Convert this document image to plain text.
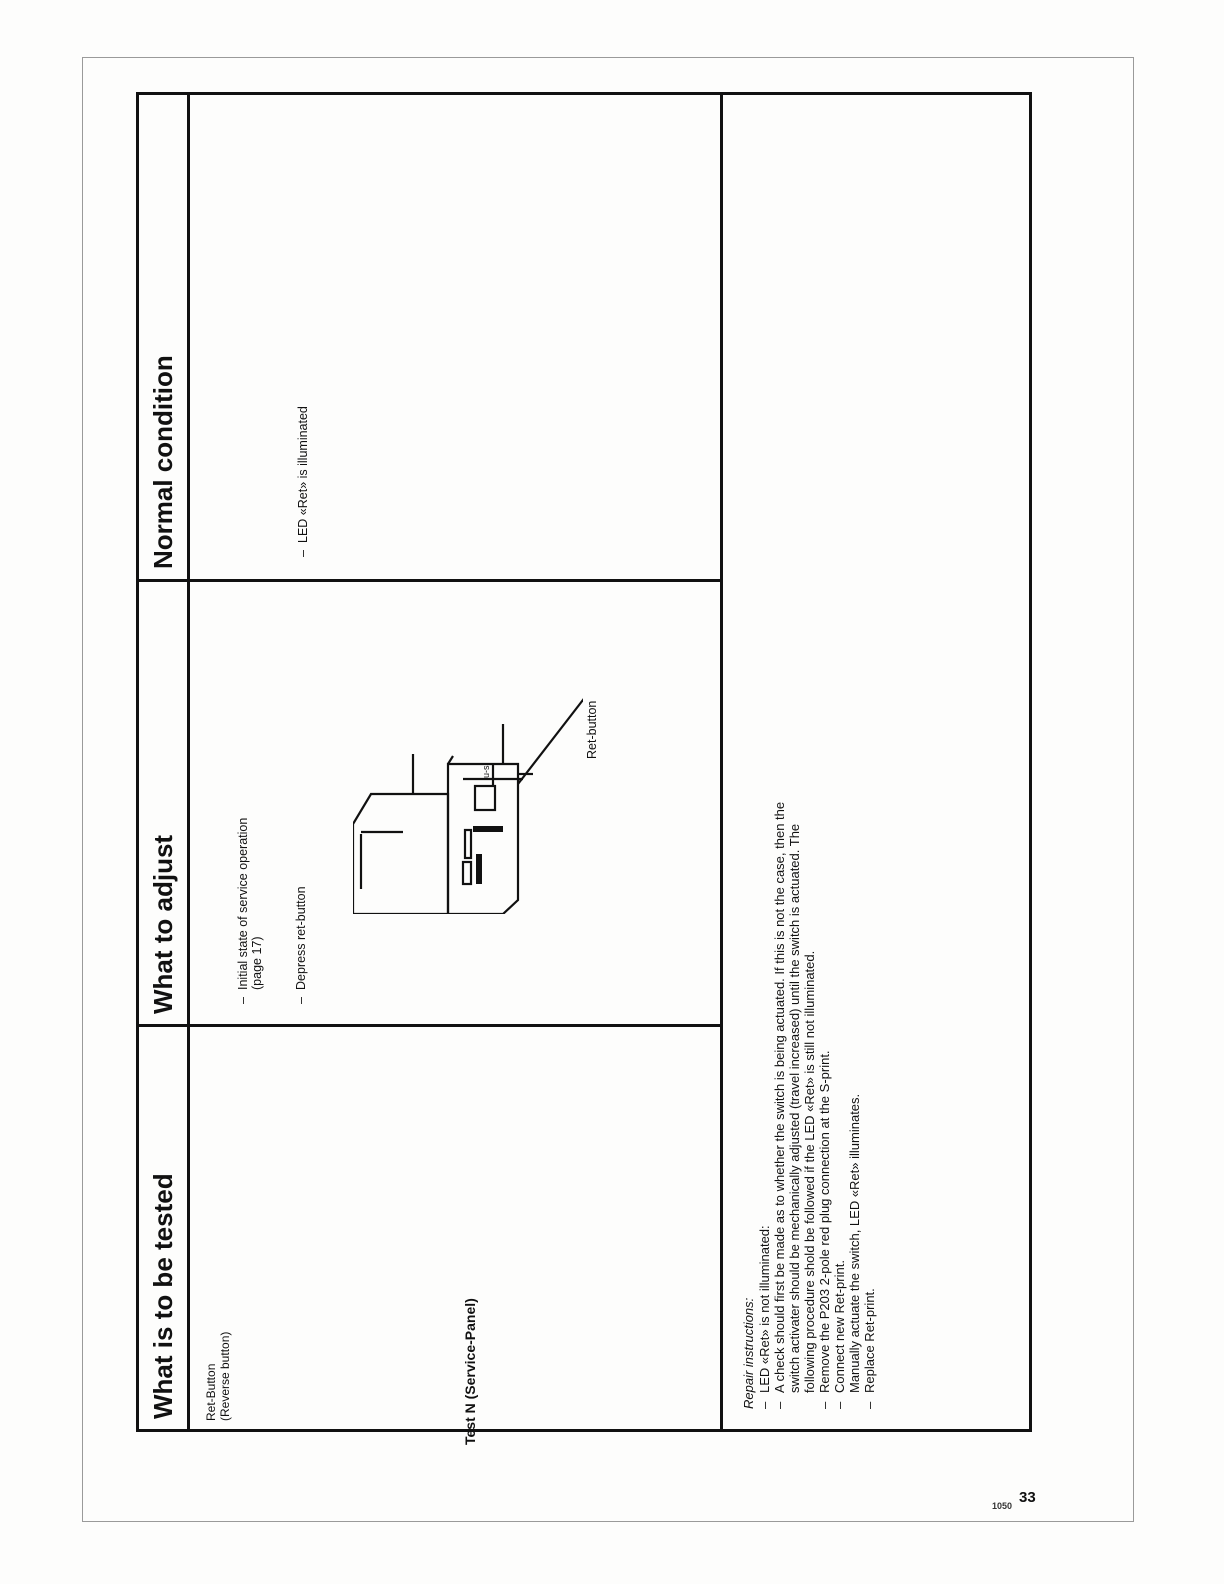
What is to be tested
What to adjust
Normal condition
Ret-Button (Reverse button)
–Initial state of service operation
(page 17)
–Depress ret-button
u-s
Ret-button
–LED «Ret» is illuminated
Repair instructions: –LED «Ret» is not illuminated:
–A check should first be made as to whether the switch is being actuated. If this is not the case, then the switch activater should be mechanically adjusted (travel increased) until the switch is actuated. The following procedure shold be followed if the LED «Ret» is still not illuminated.
–Remove the P203 2-pole red plug connection at the S-print.
–Connect new Ret-print. Manually actuate the switch, LED «Ret» illuminates.
–Replace Ret-print.
Test N (Service-Panel)
1050 33
